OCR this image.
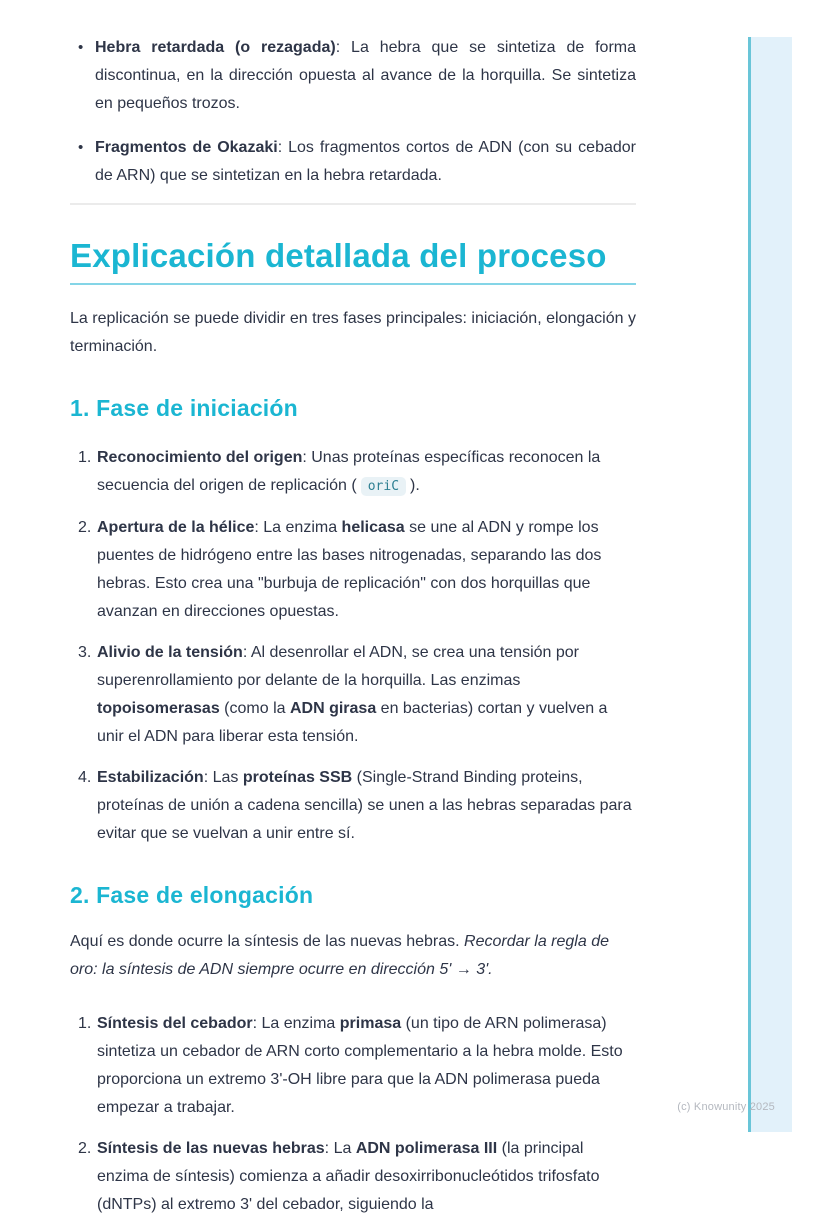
• Hebra retardada (o rezagada): La hebra que se sintetiza de forma discontinua, en la dirección opuesta al avance de la horquilla. Se sintetiza en pequeños trozos.
• Fragmentos de Okazaki: Los fragmentos cortos de ADN (con su cebador de ARN) que se sintetizan en la hebra retardada.
Explicación detallada del proceso

La replicación se puede dividir en tres fases principales: iniciación, elongación y terminación.

1. Fase de iniciación
1. Reconocimiento del origen: Unas proteínas específicas reconocen la secuencia del origen de replicación ( oriC ).
2. Apertura de la hélice: La enzima helicasa se une al ADN y rompe los puentes de hidrógeno entre las bases nitrogenadas, separando las dos hebras. Esto crea una "burbuja de replicación" con dos horquillas que avanzan en direcciones opuestas.
3. Alivio de la tensión: Al desenrollar el ADN, se crea una tensión por superenrollamiento por delante de la horquilla. Las enzimas topoisomerasas (como la ADN girasa en bacterias) cortan y vuelven a unir el ADN para liberar esta tensión.
4. Estabilización: Las proteínas SSB (Single-Strand Binding proteins, proteínas de unión a cadena sencilla) se unen a las hebras separadas para evitar que se vuelvan a unir entre sí.
2. Fase de elongación

Aquí es donde ocurre la síntesis de las nuevas hebras. Recordar la regla de oro: la síntesis de ADN siempre ocurre en dirección 5' → 3'.

1. Síntesis del cebador: La enzima primasa (un tipo de ARN polimerasa) sintetiza un cebador de ARN corto complementario a la hebra molde. Esto proporciona un extremo 3'-OH libre para que la ADN polimerasa pueda empezar a trabajar.
2. Síntesis de las nuevas hebras: La ADN polimerasa III (la principal enzima de síntesis) comienza a añadir desoxirribonucleótidos trifosfato (dNTPs) al extremo 3' del cebador, siguiendo la
(c) Knowunity 2025
